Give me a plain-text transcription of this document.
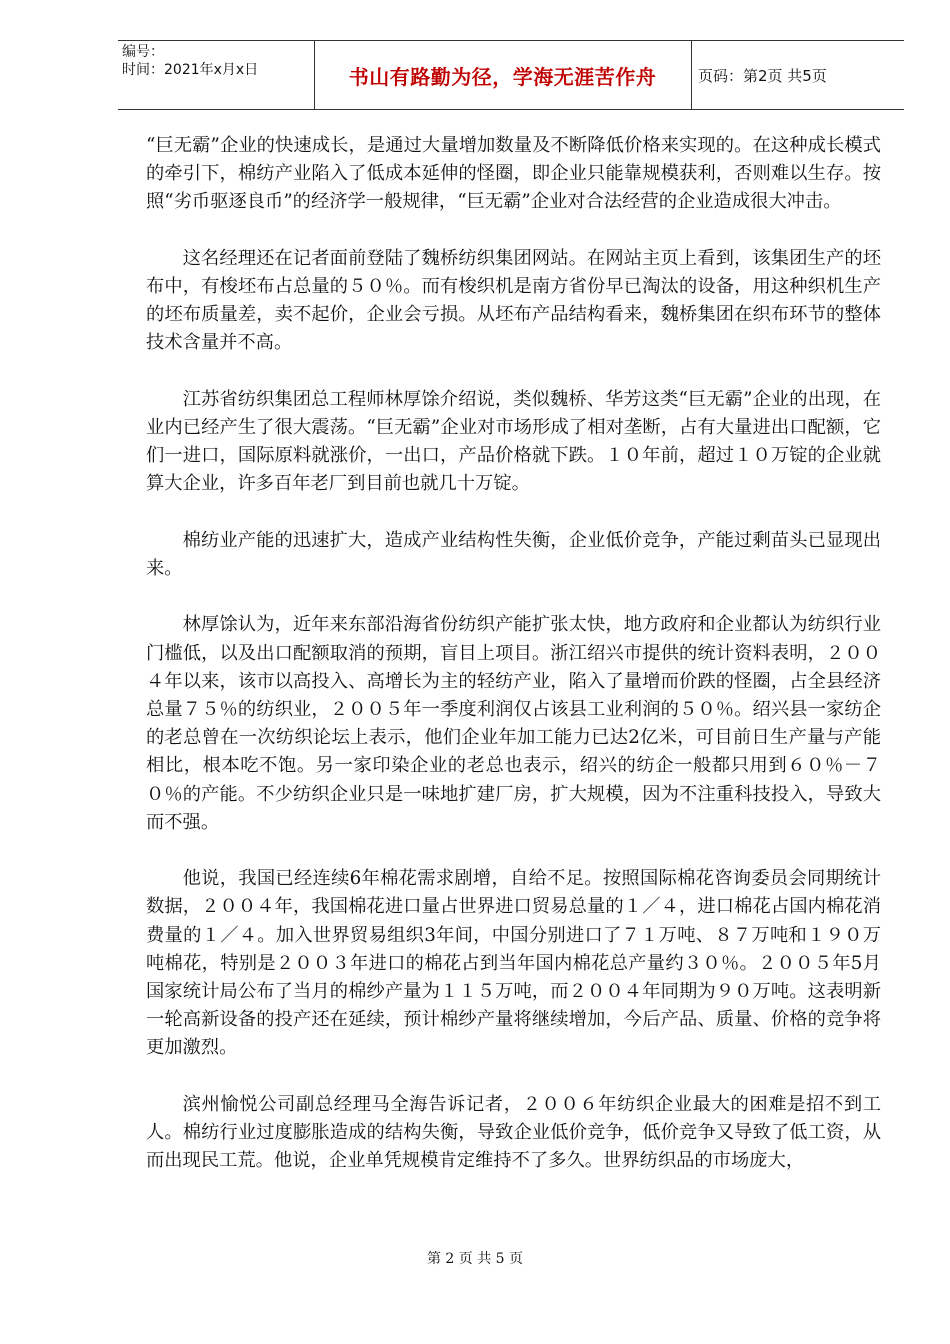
编号：
时间：2021年x月x日	书山有路勤为径，学海无涯苦作舟	页码：第2页 共5页

“巨无霸”企业的快速成长，是通过大量增加数量及不断降低价格来实现的。在这种成长模式的牵引下，棉纺产业陷入了低成本延伸的怪圈，即企业只能靠规模获利，否则难以生存。按照“劣币驱逐良币”的经济学一般规律，“巨无霸”企业对合法经营的企业造成很大冲击。

这名经理还在记者面前登陆了魏桥纺织集团网站。在网站主页上看到，该集团生产的坯布中，有梭坯布占总量的５０％。而有梭织机是南方省份早已淘汰的设备，用这种织机生产的坯布质量差，卖不起价，企业会亏损。从坯布产品结构看来，魏桥集团在织布环节的整体技术含量并不高。

江苏省纺织集团总工程师林厚馀介绍说，类似魏桥、华芳这类“巨无霸”企业的出现，在业内已经产生了很大震荡。“巨无霸”企业对市场形成了相对垄断，占有大量进出口配额，它们一进口，国际原料就涨价，一出口，产品价格就下跌。１０年前，超过１０万锭的企业就算大企业，许多百年老厂到目前也就几十万锭。

棉纺业产能的迅速扩大，造成产业结构性失衡，企业低价竞争，产能过剩苗头已显现出来。

林厚馀认为，近年来东部沿海省份纺织产能扩张太快，地方政府和企业都认为纺织行业门槛低，以及出口配额取消的预期，盲目上项目。浙江绍兴市提供的统计资料表明，２００４年以来，该市以高投入、高增长为主的轻纺产业，陷入了量增而价跌的怪圈，占全县经济总量７５％的纺织业，２００５年一季度利润仅占该县工业利润的５０％。绍兴县一家纺企的老总曾在一次纺织论坛上表示，他们企业年加工能力已达2亿米，可目前日生产量与产能相比，根本吃不饱。另一家印染企业的老总也表示，绍兴的纺企一般都只用到６０％－７０％的产能。不少纺织企业只是一味地扩建厂房，扩大规模，因为不注重科技投入，导致大而不强。

他说，我国已经连续6年棉花需求剧增，自给不足。按照国际棉花咨询委员会同期统计数据，２００４年，我国棉花进口量占世界进口贸易总量的１／４，进口棉花占国内棉花消费量的１／４。加入世界贸易组织3年间，中国分别进口了７１万吨、８７万吨和１９０万吨棉花，特别是２００３年进口的棉花占到当年国内棉花总产量约３０％。２００５年5月国家统计局公布了当月的棉纱产量为１１５万吨，而２００４年同期为９０万吨。这表明新一轮高新设备的投产还在延续，预计棉纱产量将继续增加，今后产品、质量、价格的竞争将更加激烈。

滨州愉悦公司副总经理马全海告诉记者，２００６年纺织企业最大的困难是招不到工人。棉纺行业过度膨胀造成的结构失衡，导致企业低价竞争，低价竞争又导致了低工资，从而出现民工荒。他说，企业单凭规模肯定维持不了多久。世界纺织品的市场庞大，

第 2 页 共 5 页
